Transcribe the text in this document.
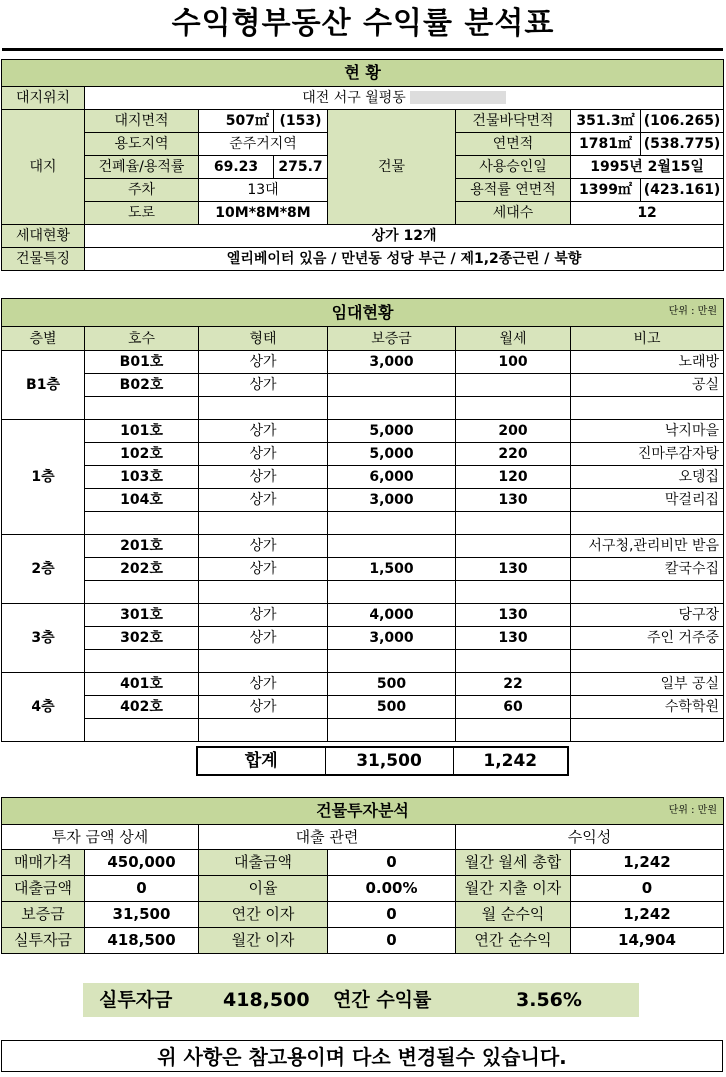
수익형부동산 수익률 분석표
현 황							
대지위치	대전 서구 월평동						
대지	대지면적	507㎡	(153)	건물	건물바닥면적	351.3㎡	(106.265)
	용도지역	준주거지역			연면적	1781㎡	(538.775)
	건폐율/용적률	69.23	275.7		사용승인일	1995년 2월15일	
	주차	13대			용적률 연면적	1399㎡	(423.161)
	도로	10M*8M*8M			세대수	12	
세대현황	상가 12개						
건물특징	엘리베이터 있음 / 만년동 성당 부근 / 제1,2종근린 / 북향						
임대현황 단위 : 만원					

층별	호수	형태	보증금	월세	비고
B1층	B01호	상가	3,000	100	노래방
	B02호	상가			공실

1층	101호	상가	5,000	200	낙지마을
	102호	상가	5,000	220	진마루감자탕
	103호	상가	6,000	120	오뎅집
	104호	상가	3,000	130	막걸리집

2층	201호	상가			서구청,관리비만 받음
	202호	상가	1,500	130	칼국수집

3층	301호	상가	4,000	130	당구장
	302호	상가	3,000	130	주인 거주중

4층	401호	상가	500	22	일부 공실
	402호	상가	500	60	수학학원

합계	31,500	1,242
건물투자분석 단위 : 만원					

투자 금액 상세		대출 관련		수익성	
매매가격	450,000	대출금액	0	월간 월세 총합	1,242
대출금액	0	이율	0.00%	월간 지출 이자	0
보증금	31,500	연간 이자	0	월 순수익	1,242
실투자금	418,500	월간 이자	0	연간 순수익	14,904
실투자금	418,500 연간 수익률	3.56%
위 사항은 참고용이며 다소 변경될수 있습니다.
